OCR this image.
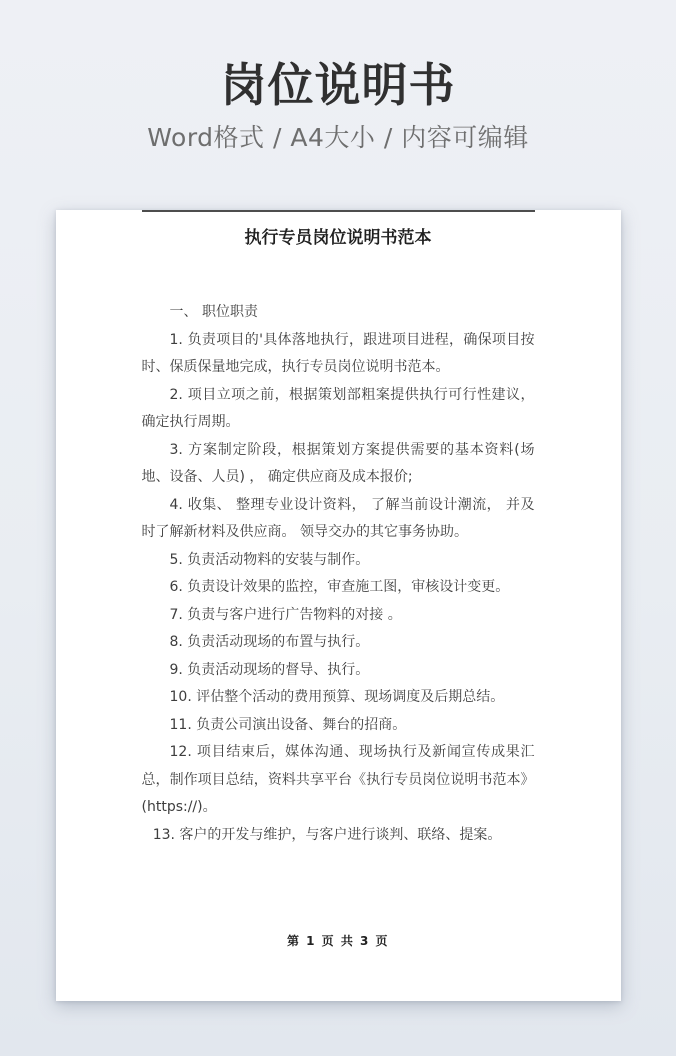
岗位说明书
Word格式 / A4大小 / 内容可编辑
执行专员岗位说明书范本

一、 职位职责

1. 负责项目的'具体落地执行，跟进项目进程，确保项目按时、保质保量地完成，执行专员岗位说明书范本。

2. 项目立项之前，根据策划部粗案提供执行可行性建议，确定执行周期。

3. 方案制定阶段，根据策划方案提供需要的基本资料(场地、设备、人员) ， 确定供应商及成本报价;

4. 收集、 整理专业设计资料， 了解当前设计潮流， 并及时了解新材料及供应商。 领导交办的其它事务协助。

5. 负责活动物料的安装与制作。

6. 负责设计效果的监控，审查施工图，审核设计变更。

7. 负责与客户进行广告物料的对接 。

8. 负责活动现场的布置与执行。

9. 负责活动现场的督导、执行。

10. 评估整个活动的费用预算、现场调度及后期总结。

11. 负责公司演出设备、舞台的招商。

12. 项目结束后，媒体沟通、现场执行及新闻宣传成果汇总，制作项目总结，资料共享平台《执行专员岗位说明书范本》(https://)。

13. 客户的开发与维护，与客户进行谈判、联络、提案。

第 1 页 共 3 页
